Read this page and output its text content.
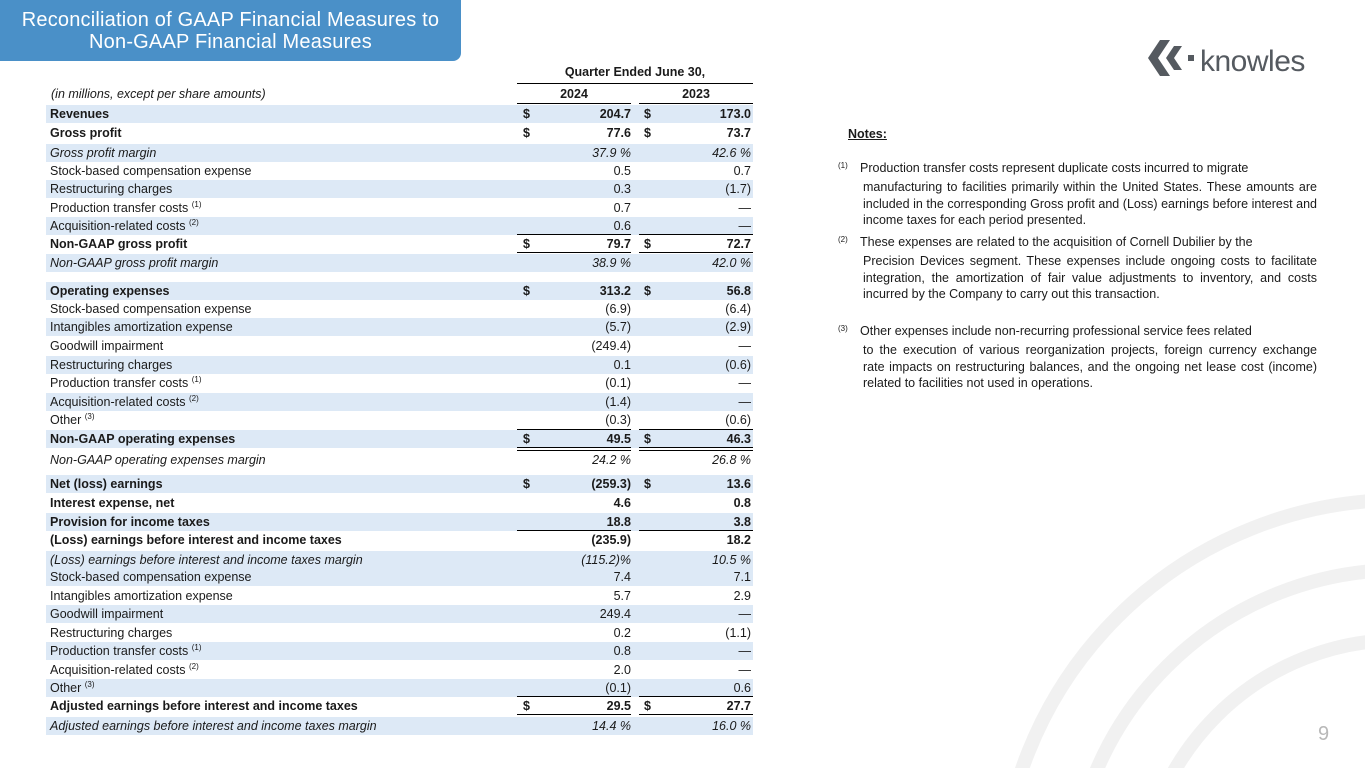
Reconciliation of GAAP Financial Measures to
Non-GAAP Financial Measures
knowles
Quarter Ended June 30,
(in millions, except per share amounts)	2024	2023
Revenues	$	204.7 $	173.0
Gross profit	$	77.6 $	73.7
Gross profit margin	37.9 %	42.6 %
Stock-based compensation expense	0.5	0.7
Restructuring charges	0.3	(1.7)
Production transfer costs $^{(1)}$	0.7	—
Acquisition-related costs $^{(2)}$	0.6	—
Non-GAAP gross profit	$	79.7 $	72.7
Non-GAAP gross profit margin	38.9 %	42.0 %
Operating expenses	$	313.2 $	56.8
Stock-based compensation expense	(6.9)	(6.4)
Intangibles amortization expense	(5.7)	(2.9)
Goodwill impairment	(249.4)	—
Restructuring charges	0.1	(0.6)
Production transfer costs $^{(1)}$	(0.1)	—
Acquisition-related costs $^{(2)}$	(1.4)	—
Other $^{(3)}$	(0.3)	(0.6)
Non-GAAP operating expenses	$	49.5 $	46.3
Non-GAAP operating expenses margin	24.2 %	26.8 %
Net (loss) earnings	$	(259.3) $	13.6
Interest expense, net	4.6	0.8
Provision for income taxes	18.8	3.8
(Loss) earnings before interest and income taxes	(235.9)	18.2
(Loss) earnings before interest and income taxes margin	(115.2)%	10.5 %
Stock-based compensation expense	7.4	7.1
Intangibles amortization expense	5.7	2.9
Goodwill impairment	249.4	—
Restructuring charges	0.2	(1.1)
Production transfer costs $^{(1)}$	0.8	—
Acquisition-related costs $^{(2)}$	2.0	—
Other $^{(3)}$	(0.1)	0.6
Adjusted earnings before interest and income taxes	$	29.5 $	27.7
Adjusted earnings before interest and income taxes margin	14.4 %	16.0 %
Notes:
(1) Production transfer costs represent duplicate costs incurred to migrate
manufacturing to facilities primarily within the United States. These amounts are included in the corresponding Gross profit and (Loss) earnings before interest and income taxes for each period presented.
(2) These expenses are related to the acquisition of Cornell Dubilier by the
Precision Devices segment. These expenses include ongoing costs to facilitate integration, the amortization of fair value adjustments to inventory, and costs incurred by the Company to carry out this transaction.
(3) Other expenses include non-recurring professional service fees related
to the execution of various reorganization projects, foreign currency exchange rate impacts on restructuring balances, and the ongoing net lease cost (income) related to facilities not used in operations.
9
